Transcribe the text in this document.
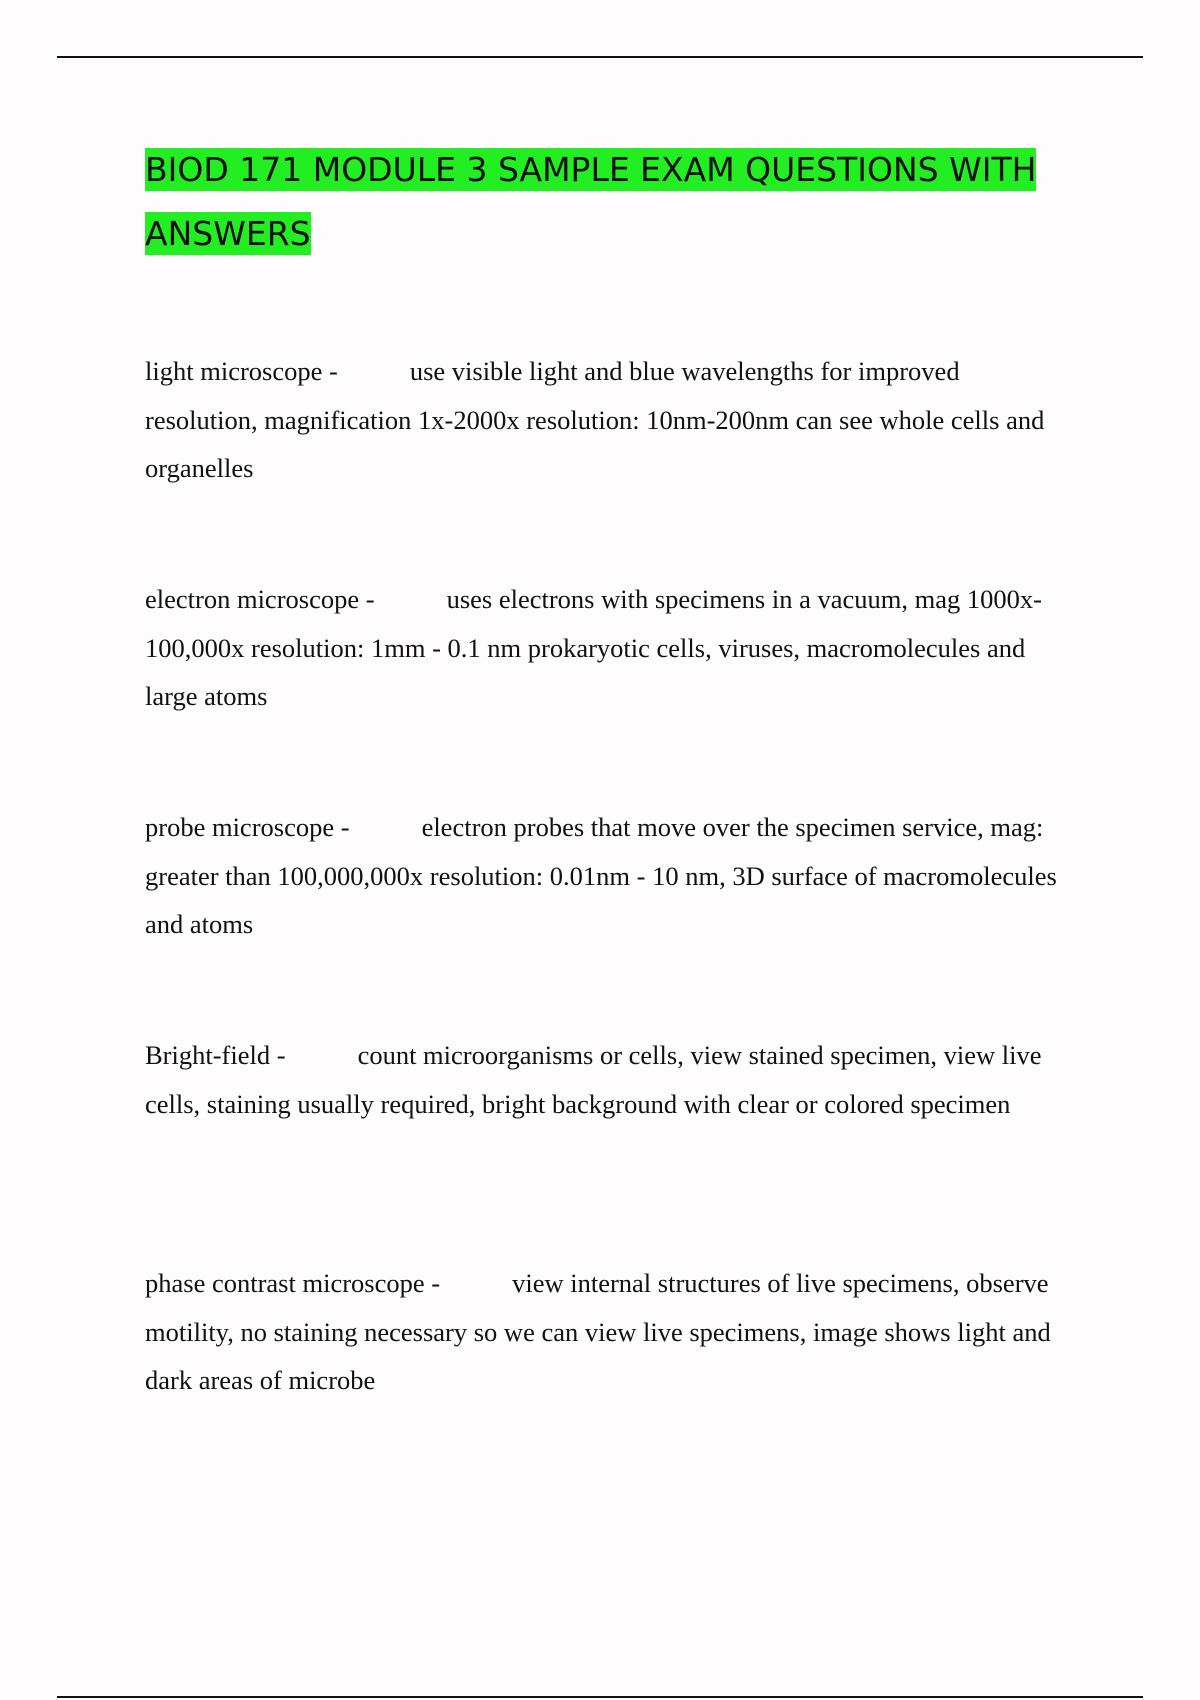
BIOD 171 MODULE 3 SAMPLE EXAM QUESTIONS WITH ANSWERS

light microscope -	use visible light and blue wavelengths for improved resolution, magnification 1x-2000x resolution: 10nm-200nm can see whole cells and organelles

electron microscope -	uses electrons with specimens in a vacuum, mag 1000x-100,000x resolution: 1mm - 0.1 nm prokaryotic cells, viruses, macromolecules and large atoms

probe microscope -	electron probes that move over the specimen service, mag: greater than 100,000,000x resolution: 0.01nm - 10 nm, 3D surface of macromolecules and atoms

Bright-field -	count microorganisms or cells, view stained specimen, view live cells, staining usually required, bright background with clear or colored specimen

phase contrast microscope -	view internal structures of live specimens, observe motility, no staining necessary so we can view live specimens, image shows light and dark areas of microbe
